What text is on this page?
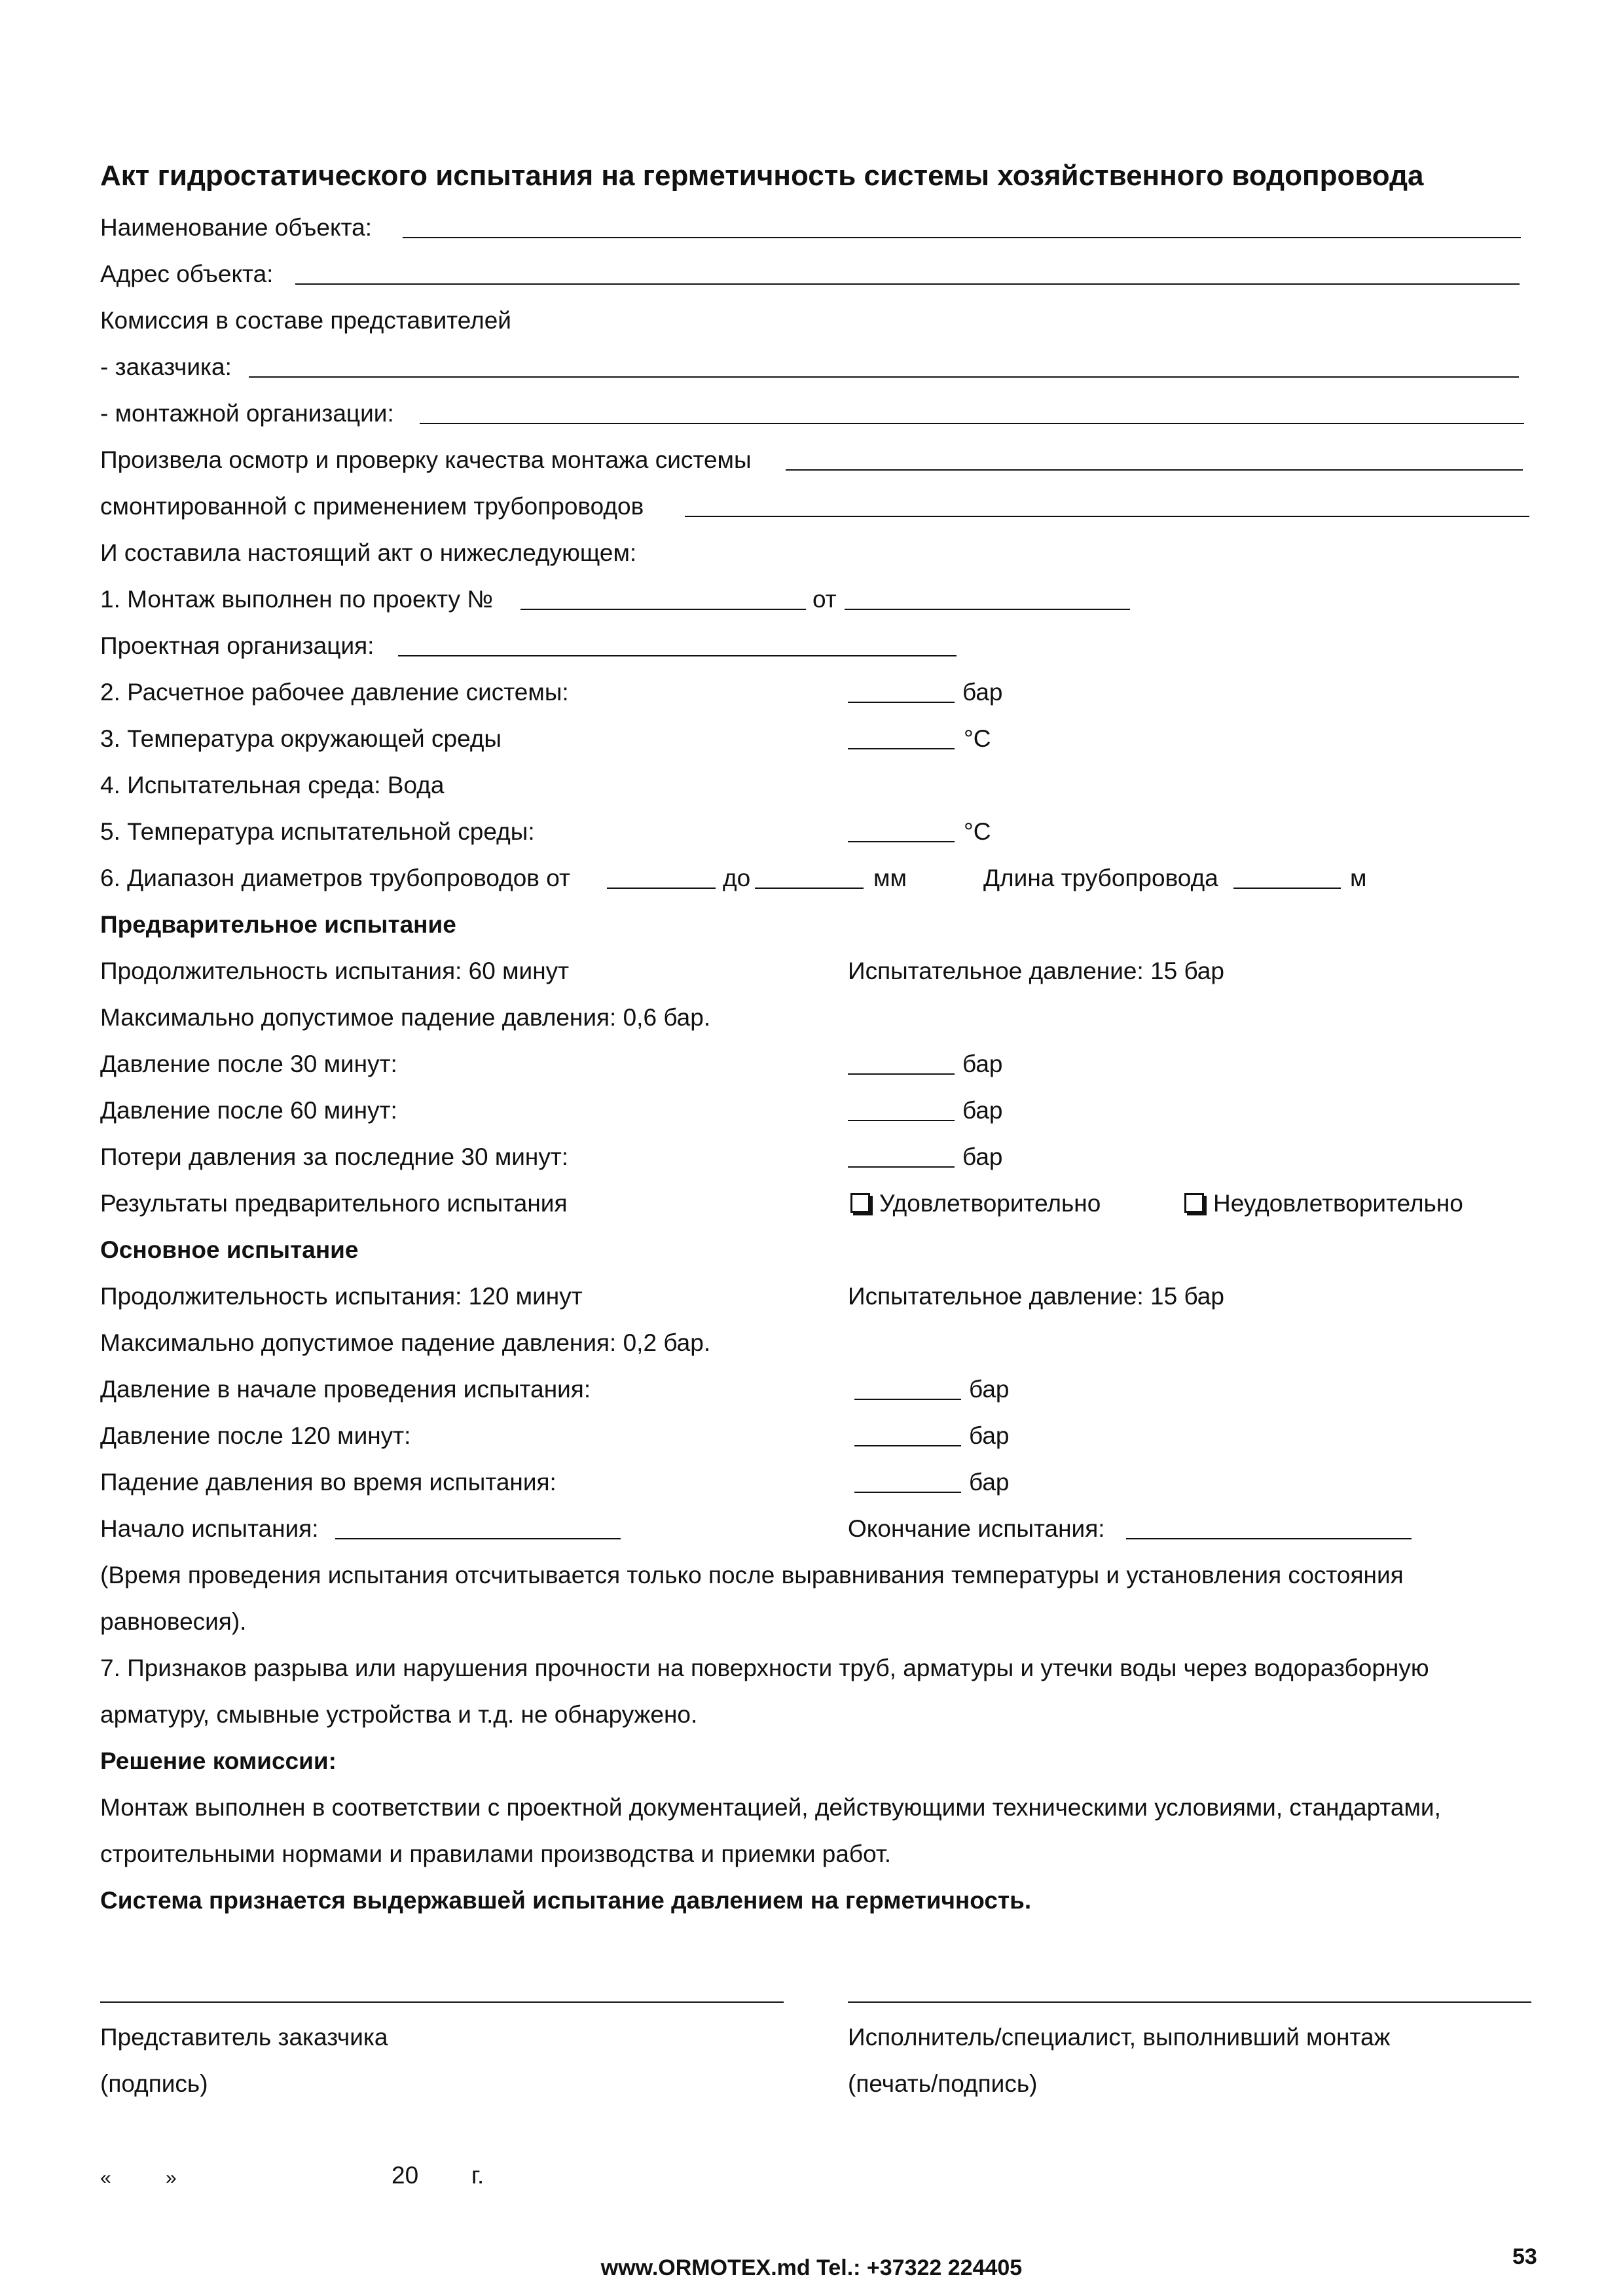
Акт гидростатического испытания на герметичность системы хозяйственного водопровода
Наименование объекта:
Адрес объекта:
Комиссия в составе представителей
- заказчика:
- монтажной организации:
Произвела осмотр и проверку качества монтажа системы
смонтированной с применением трубопроводов
И составила настоящий акт о нижеследующем:
1. Монтаж выполнен по проекту №	от
Проектная организация:
2. Расчетное рабочее давление системы:	бар
3. Температура окружающей среды	°C
4. Испытательная среда: Вода
5. Температура испытательной среды:	°C
6. Диапазон диаметров трубопроводов от	до	мм	Длина трубопровода	м
Предварительное испытание
Продолжительность испытания: 60 минут	Испытательное давление: 15 бар
Максимально допустимое падение давления: 0,6 бар.
Давление после 30 минут:	бар
Давление после 60 минут:	бар
Потери давления за последние 30 минут:	бар
Результаты предварительного испытания	Удовлетворительно	Неудовлетворительно
Основное испытание
Продолжительность испытания: 120 минут	Испытательное давление: 15 бар
Максимально допустимое падение давления: 0,2 бар.
Давление в начале проведения испытания:	бар
Давление после 120 минут:	бар
Падение давления во время испытания:	бар
Начало испытания:	Окончание испытания:
(Время проведения испытания отсчитывается только после выравнивания температуры и установления состояния
равновесия).
7. Признаков разрыва или нарушения прочности на поверхности труб, арматуры и утечки воды через водоразборную
арматуру, смывные устройства и т.д. не обнаружено.
Решение комиссии:
Монтаж выполнен в соответствии с проектной документацией, действующими техническими условиями, стандартами,
строительными нормами и правилами производства и приемки работ.
Система признается выдержавшей испытание давлением на герметичность.
Представитель заказчика	Исполнитель/специалист, выполнивший монтаж
(подпись)	(печать/подпись)
«	»	20 г.
www.ORMOTEX.md Tel.: +37322 224405	53
